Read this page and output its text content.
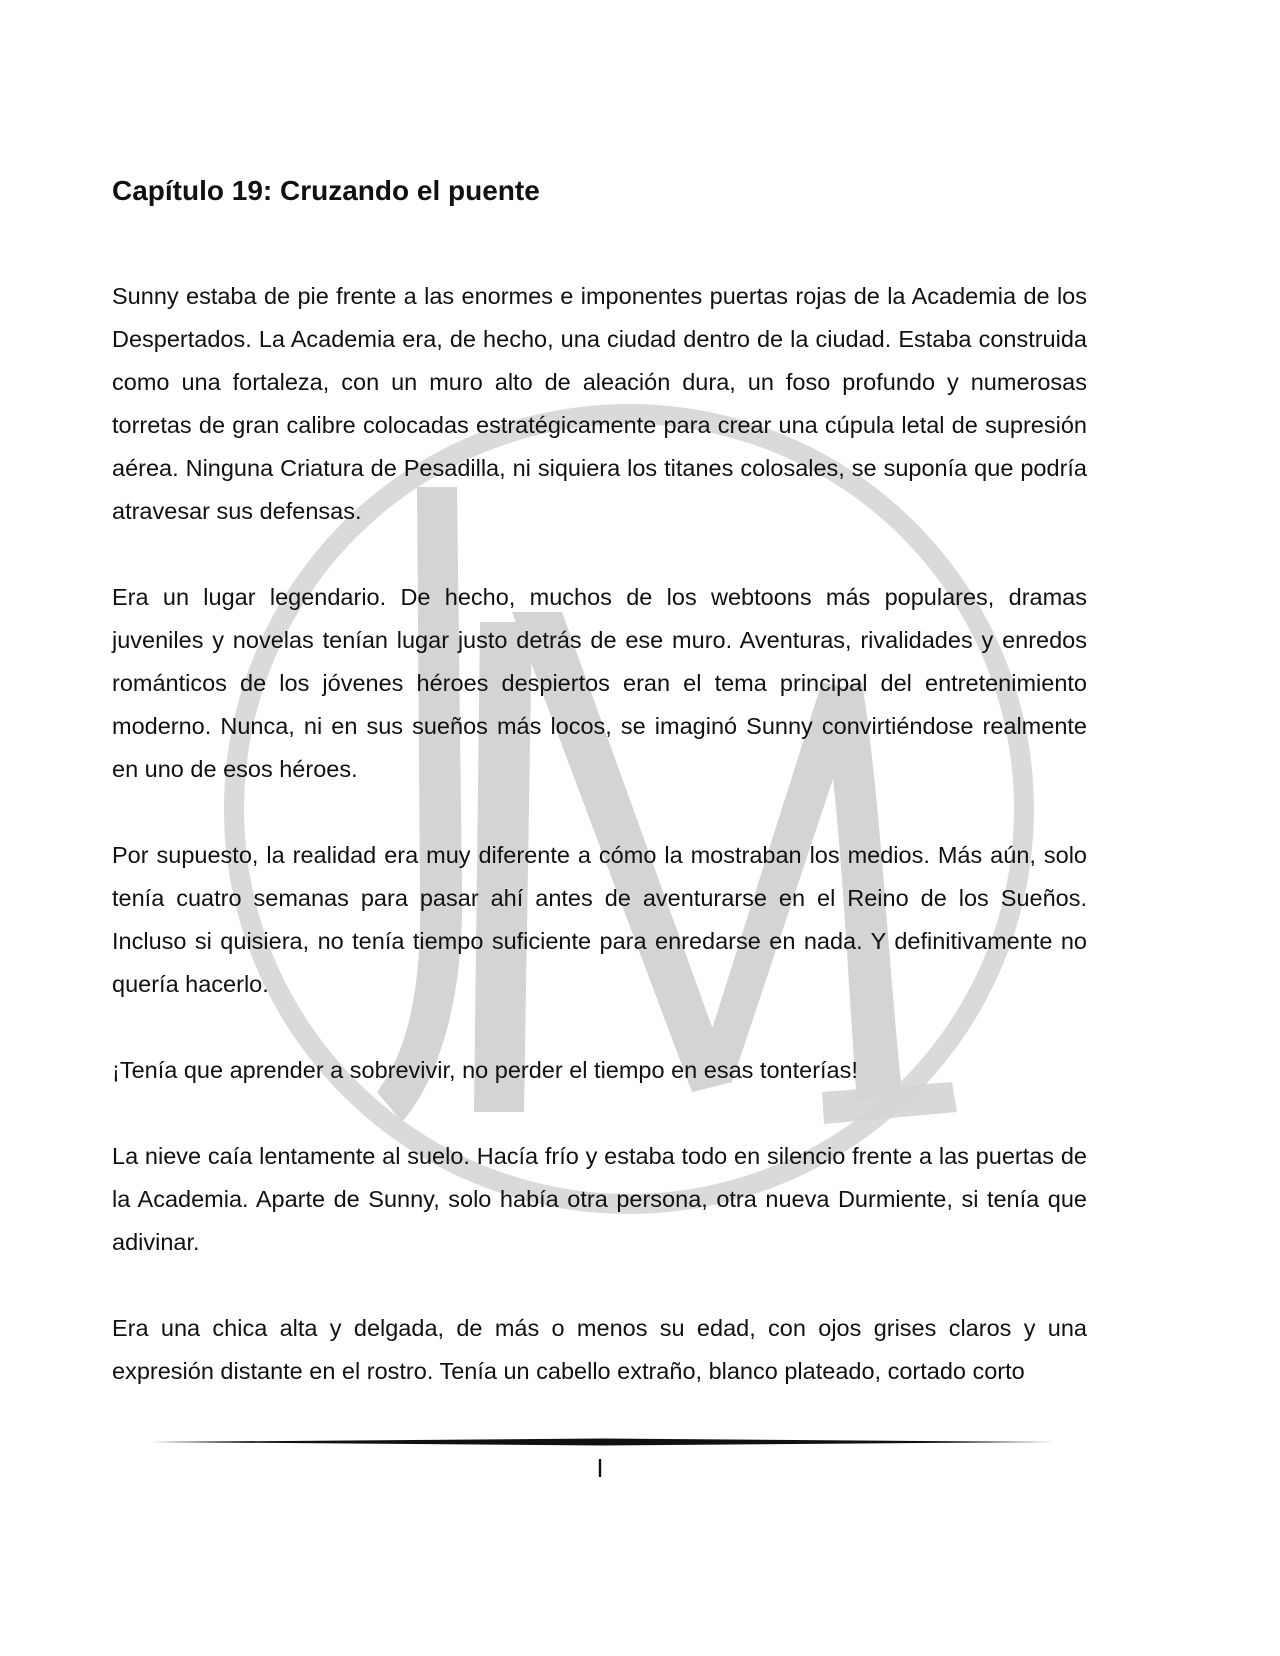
Capítulo 19: Cruzando el puente

Sunny estaba de pie frente a las enormes e imponentes puertas rojas de la Academia de los Despertados. La Academia era, de hecho, una ciudad dentro de la ciudad. Estaba construida como una fortaleza, con un muro alto de aleación dura, un foso profundo y numerosas torretas de gran calibre colocadas estratégicamente para crear una cúpula letal de supresión aérea. Ninguna Criatura de Pesadilla, ni siquiera los titanes colosales, se suponía que podría atravesar sus defensas.

Era un lugar legendario. De hecho, muchos de los webtoons más populares, dramas juveniles y novelas tenían lugar justo detrás de ese muro. Aventuras, rivalidades y enredos románticos de los jóvenes héroes despiertos eran el tema principal del entretenimiento moderno. Nunca, ni en sus sueños más locos, se imaginó Sunny convirtiéndose realmente en uno de esos héroes.

Por supuesto, la realidad era muy diferente a cómo la mostraban los medios. Más aún, solo tenía cuatro semanas para pasar ahí antes de aventurarse en el Reino de los Sueños. Incluso si quisiera, no tenía tiempo suficiente para enredarse en nada. Y definitivamente no quería hacerlo.

¡Tenía que aprender a sobrevivir, no perder el tiempo en esas tonterías!

La nieve caía lentamente al suelo. Hacía frío y estaba todo en silencio frente a las puertas de la Academia. Aparte de Sunny, solo había otra persona, otra nueva Durmiente, si tenía que adivinar.

Era una chica alta y delgada, de más o menos su edad, con ojos grises claros y una expresión distante en el rostro. Tenía un cabello extraño, blanco plateado, cortado corto

I
